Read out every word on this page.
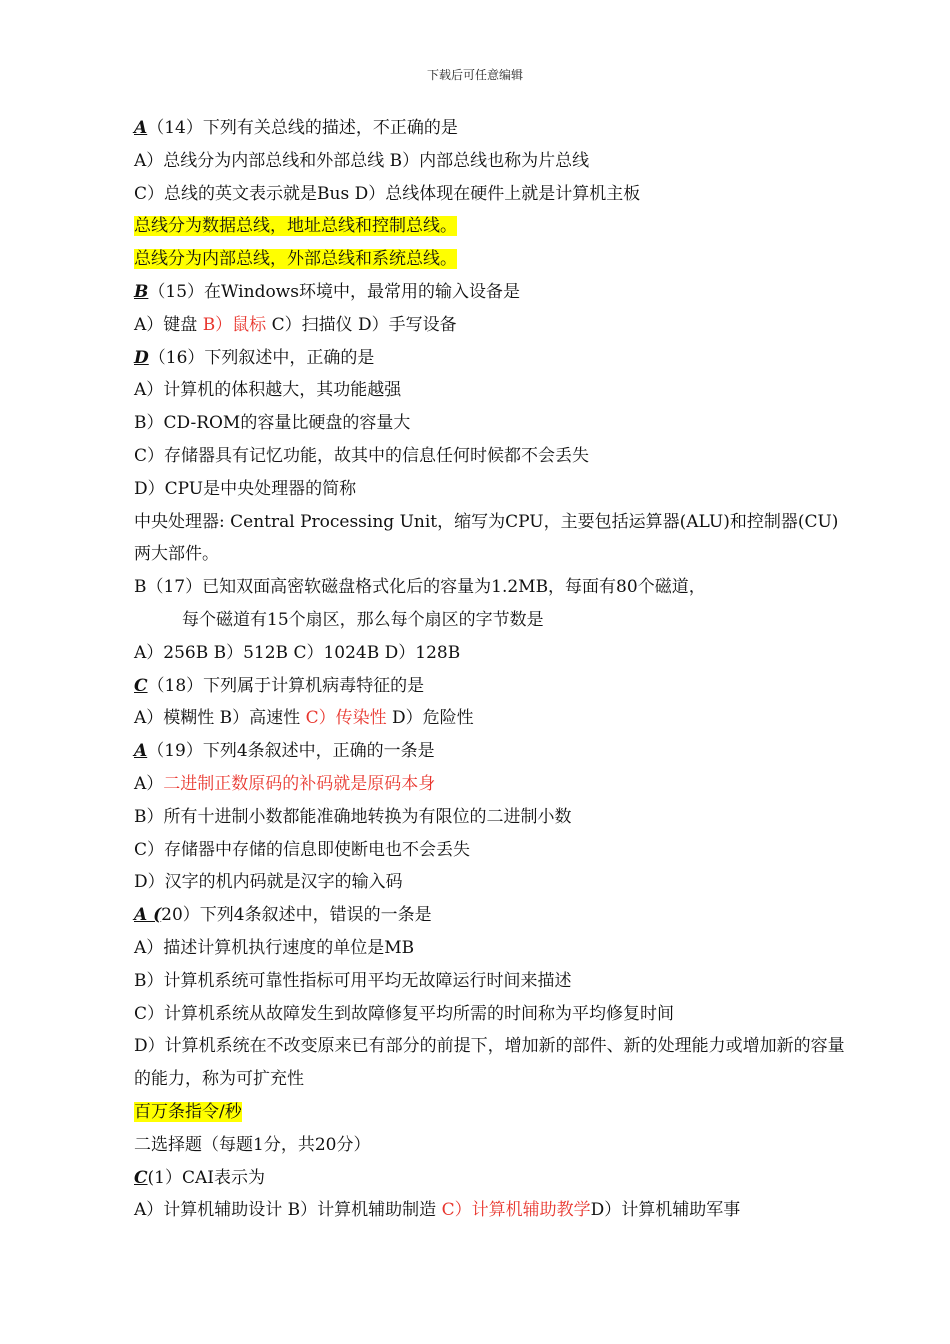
下载后可任意编辑
A（14）下列有关总线的描述，不正确的是
A）总线分为内部总线和外部总线 B）内部总线也称为片总线
C）总线的英文表示就是Bus D）总线体现在硬件上就是计算机主板
总线分为数据总线，地址总线和控制总线。
总线分为内部总线，外部总线和系统总线。
B（15）在Windows环境中，最常用的输入设备是
A）键盘 B）鼠标 C）扫描仪 D）手写设备
D（16）下列叙述中，正确的是
A）计算机的体积越大，其功能越强
B）CD-ROM的容量比硬盘的容量大
C）存储器具有记忆功能，故其中的信息任何时候都不会丢失
D）CPU是中央处理器的简称
中央处理器: Central Processing Unit，缩写为CPU，主要包括运算器(ALU)和控制器(CU)两大部件。
B（17）已知双面高密软磁盘格式化后的容量为1.2MB，每面有80个磁道，
每个磁道有15个扇区，那么每个扇区的字节数是
A）256B B）512B C）1024B D）128B
C（18）下列属于计算机病毒特征的是
A）模糊性 B）高速性 C）传染性 D）危险性
A（19）下列4条叙述中，正确的一条是
A）二进制正数原码的补码就是原码本身
B）所有十进制小数都能准确地转换为有限位的二进制小数
C）存储器中存储的信息即使断电也不会丢失
D）汉字的机内码就是汉字的输入码
A (20）下列4条叙述中，错误的一条是
A）描述计算机执行速度的单位是MB
B）计算机系统可靠性指标可用平均无故障运行时间来描述
C）计算机系统从故障发生到故障修复平均所需的时间称为平均修复时间
D）计算机系统在不改变原来已有部分的前提下，增加新的部件、新的处理能力或增加新的容量的能力，称为可扩充性
百万条指令/秒
二选择题（每题1分，共20分）
C(1）CAI表示为
A）计算机辅助设计 B）计算机辅助制造 C）计算机辅助教学D）计算机辅助军事
